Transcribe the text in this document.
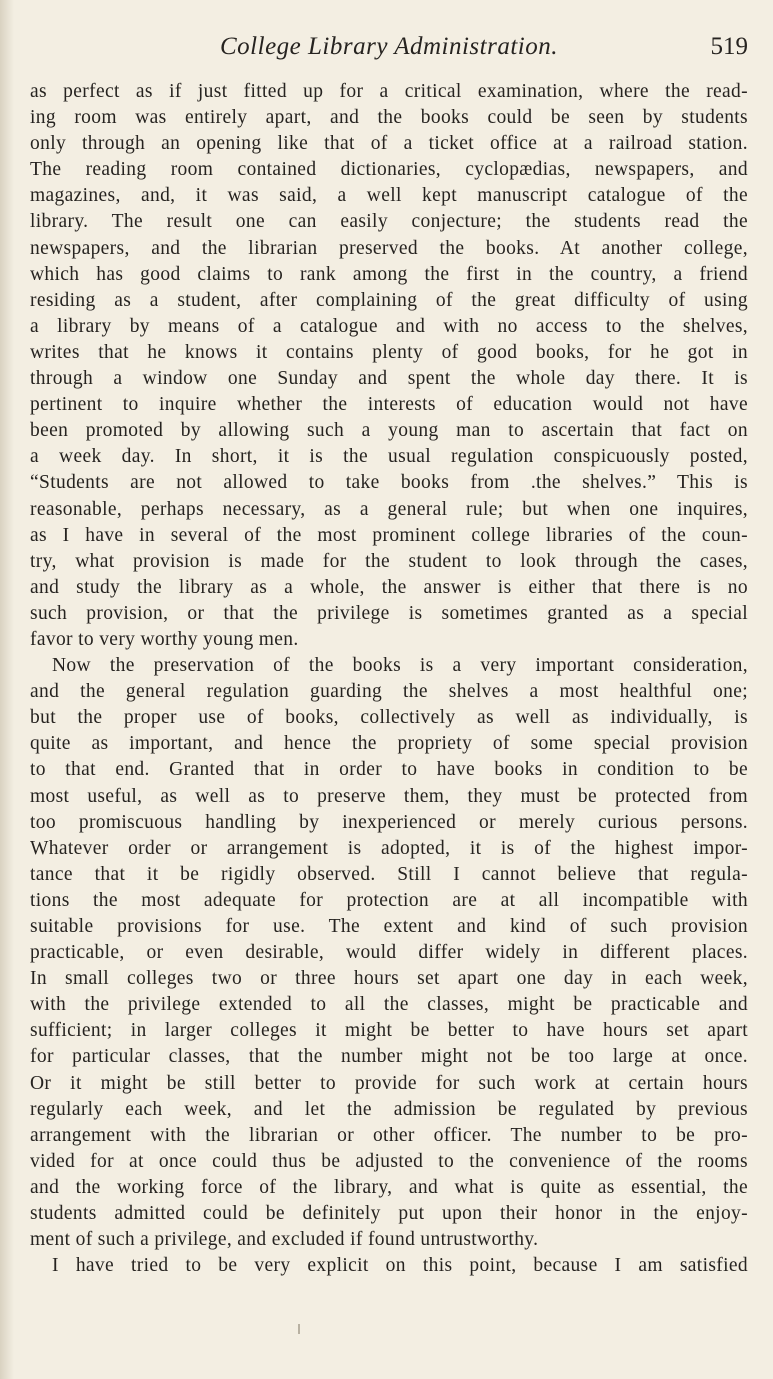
College Library Administration.	519
as perfect as if just fitted up for a critical examination, where the read-
ing room was entirely apart, and the books could be seen by students
only through an opening like that of a ticket office at a railroad station.
The reading room contained dictionaries, cyclopædias, newspapers, and
magazines, and, it was said, a well kept manuscript catalogue of the
library. The result one can easily conjecture; the students read the
newspapers, and the librarian preserved the books. At another college,
which has good claims to rank among the first in the country, a friend
residing as a student, after complaining of the great difficulty of using
a library by means of a catalogue and with no access to the shelves,
writes that he knows it contains plenty of good books, for he got in
through a window one Sunday and spent the whole day there. It is
pertinent to inquire whether the interests of education would not have
been promoted by allowing such a young man to ascertain that fact on
a week day. In short, it is the usual regulation conspicuously posted,
“Students are not allowed to take books from .the shelves.” This is
reasonable, perhaps necessary, as a general rule; but when one inquires,
as I have in several of the most prominent college libraries of the coun-
try, what provision is made for the student to look through the cases,
and study the library as a whole, the answer is either that there is no
such provision, or that the privilege is sometimes granted as a special
favor to very worthy young men.
Now the preservation of the books is a very important consideration,
and the general regulation guarding the shelves a most healthful one;
but the proper use of books, collectively as well as individually, is
quite as important, and hence the propriety of some special provision
to that end. Granted that in order to have books in condition to be
most useful, as well as to preserve them, they must be protected from
too promiscuous handling by inexperienced or merely curious persons.
Whatever order or arrangement is adopted, it is of the highest impor-
tance that it be rigidly observed. Still I cannot believe that regula-
tions the most adequate for protection are at all incompatible with
suitable provisions for use. The extent and kind of such provision
practicable, or even desirable, would differ widely in different places.
In small colleges two or three hours set apart one day in each week,
with the privilege extended to all the classes, might be practicable and
sufficient; in larger colleges it might be better to have hours set apart
for particular classes, that the number might not be too large at once.
Or it might be still better to provide for such work at certain hours
regularly each week, and let the admission be regulated by previous
arrangement with the librarian or other officer. The number to be pro-
vided for at once could thus be adjusted to the convenience of the rooms
and the working force of the library, and what is quite as essential, the
students admitted could be definitely put upon their honor in the enjoy-
ment of such a privilege, and excluded if found untrustworthy.
I have tried to be very explicit on this point, because I am satisfied
